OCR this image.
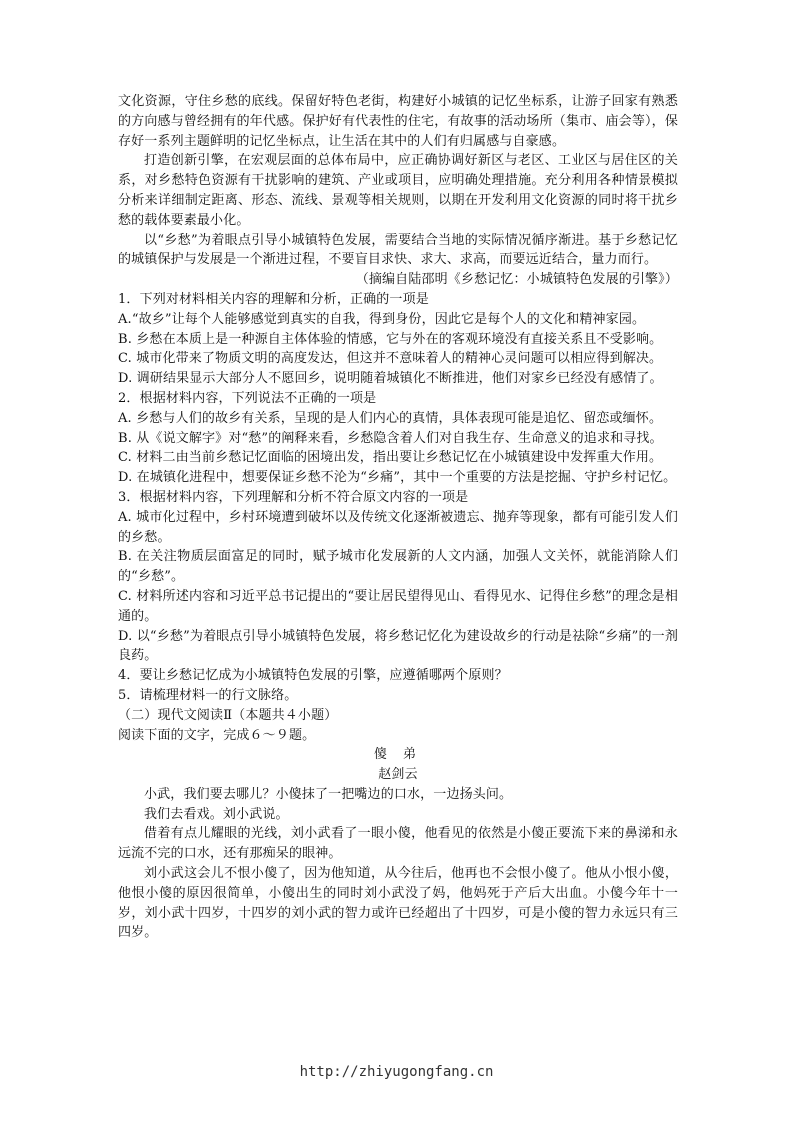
文化资源，守住乡愁的底线。保留好特色老街，构建好小城镇的记忆坐标系，让游子回家有熟悉的方向感与曾经拥有的年代感。保护好有代表性的住宅，有故事的活动场所（集市、庙会等），保存好一系列主题鲜明的记忆坐标点，让生活在其中的人们有归属感与自豪感。

打造创新引擎，在宏观层面的总体布局中，应正确协调好新区与老区、工业区与居住区的关系，对乡愁特色资源有干扰影响的建筑、产业或项目，应明确处理措施。充分利用各种情景模拟分析来详细制定距离、形态、流线、景观等相关规则，以期在开发利用文化资源的同时将干扰乡愁的载体要素最小化。

以“乡愁”为着眼点引导小城镇特色发展，需要结合当地的实际情况循序渐进。基于乡愁记忆的城镇保护与发展是一个渐进过程，不要盲目求快、求大、求高，而要远近结合，量力而行。

（摘编自陆邵明《乡愁记忆：小城镇特色发展的引擎》）

1．下列对材料相关内容的理解和分析，正确的一项是

A.“故乡”让每个人能够感觉到真实的自我，得到身份，因此它是每个人的文化和精神家园。

B. 乡愁在本质上是一种源自主体体验的情感，它与外在的客观环境没有直接关系且不受影响。

C. 城市化带来了物质文明的高度发达，但这并不意味着人的精神心灵问题可以相应得到解决。

D. 调研结果显示大部分人不愿回乡，说明随着城镇化不断推进，他们对家乡已经没有感情了。

2．根据材料内容，下列说法不正确的一项是

A. 乡愁与人们的故乡有关系，呈现的是人们内心的真情，具体表现可能是追忆、留恋或缅怀。

B. 从《说文解字》对“愁”的阐释来看，乡愁隐含着人们对自我生存、生命意义的追求和寻找。

C. 材料二由当前乡愁记忆面临的困境出发，指出要让乡愁记忆在小城镇建设中发挥重大作用。

D. 在城镇化进程中，想要保证乡愁不沦为“乡痛”，其中一个重要的方法是挖掘、守护乡村记忆。

3．根据材料内容，下列理解和分析不符合原文内容的一项是

A. 城市化过程中，乡村环境遭到破坏以及传统文化逐渐被遗忘、抛弃等现象，都有可能引发人们的乡愁。

B. 在关注物质层面富足的同时，赋予城市化发展新的人文内涵，加强人文关怀，就能消除人们的“乡愁”。

C. 材料所述内容和习近平总书记提出的“要让居民望得见山、看得见水、记得住乡愁”的理念是相通的。

D. 以“乡愁”为着眼点引导小城镇特色发展，将乡愁记忆化为建设故乡的行动是祛除“乡痛”的一剂良药。

4．要让乡愁记忆成为小城镇特色发展的引擎，应遵循哪两个原则？

5．请梳理材料一的行文脉络。

（二）现代文阅读Ⅱ（本题共４小题）

阅读下面的文字，完成６～９题。

傻 弟

赵剑云

小武，我们要去哪儿？小傻抹了一把嘴边的口水，一边扬头问。

我们去看戏。刘小武说。

借着有点儿耀眼的光线，刘小武看了一眼小傻，他看见的依然是小傻正要流下来的鼻涕和永远流不完的口水，还有那痴呆的眼神。

刘小武这会儿不恨小傻了，因为他知道，从今往后，他再也不会恨小傻了。他从小恨小傻，他恨小傻的原因很简单，小傻出生的同时刘小武没了妈，他妈死于产后大出血。小傻今年十一岁，刘小武十四岁，十四岁的刘小武的智力或许已经超出了十四岁，可是小傻的智力永远只有三四岁。

http://zhiyugongfang.cn
